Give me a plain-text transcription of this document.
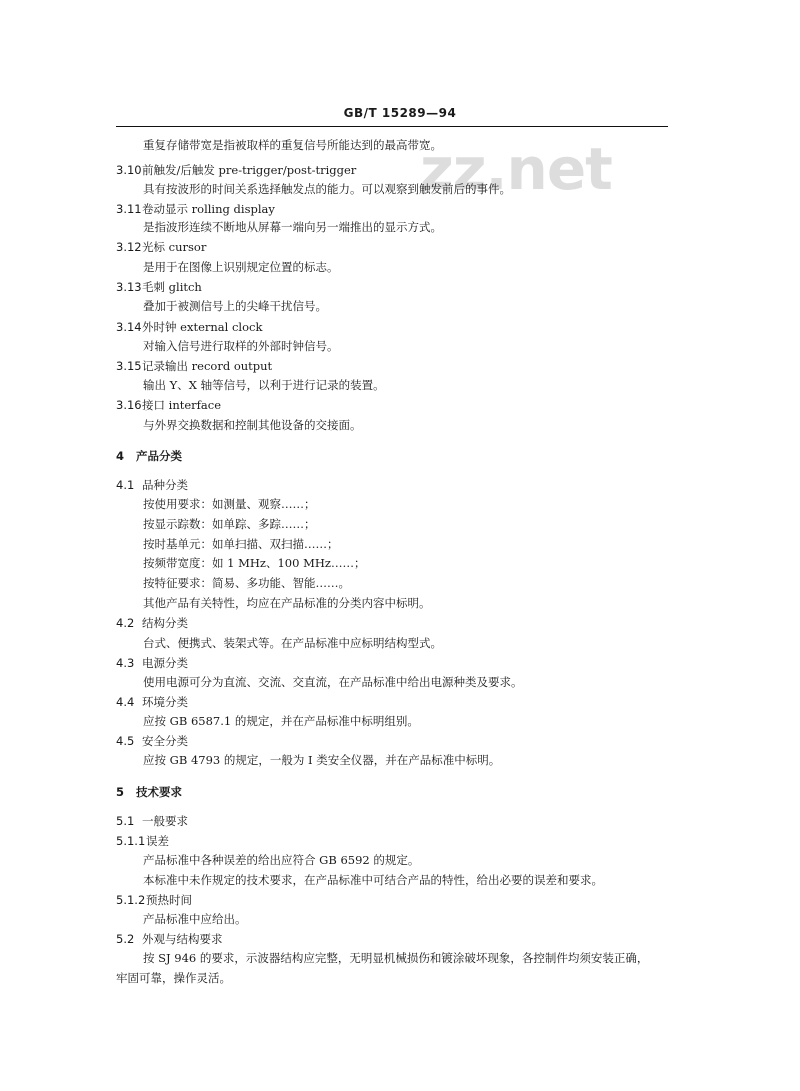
GB/T 15289—94
zz.net
重复存储带宽是指被取样的重复信号所能达到的最高带宽。
3.10前触发/后触发 pre-trigger/post-trigger
具有按波形的时间关系选择触发点的能力。可以观察到触发前后的事件。
3.11卷动显示 rolling display
是指波形连续不断地从屏幕一端向另一端推出的显示方式。
3.12光标 cursor
是用于在图像上识别规定位置的标志。
3.13毛刺 glitch
叠加于被测信号上的尖峰干扰信号。
3.14外时钟 external clock
对输入信号进行取样的外部时钟信号。
3.15记录输出 record output
输出 Y、X 轴等信号，以利于进行记录的装置。
3.16接口 interface
与外界交换数据和控制其他设备的交接面。
4 产品分类
4.1 品种分类
按使用要求：如测量、观察……；
按显示踪数：如单踪、多踪……；
按时基单元：如单扫描、双扫描……；
按频带宽度：如 1 MHz、100 MHz……；
按特征要求：简易、多功能、智能……。
其他产品有关特性，均应在产品标准的分类内容中标明。
4.2 结构分类
台式、便携式、装架式等。在产品标准中应标明结构型式。
4.3 电源分类
使用电源可分为直流、交流、交直流，在产品标准中给出电源种类及要求。
4.4 环境分类
应按 GB 6587.1 的规定，并在产品标准中标明组别。
4.5 安全分类
应按 GB 4793 的规定，一般为 I 类安全仪器，并在产品标准中标明。
5 技术要求
5.1 一般要求
5.1.1误差
产品标准中各种误差的给出应符合 GB 6592 的规定。
本标准中未作规定的技术要求，在产品标准中可结合产品的特性，给出必要的误差和要求。
5.1.2预热时间
产品标准中应给出。
5.2 外观与结构要求
按 SJ 946 的要求，示波器结构应完整，无明显机械损伤和镀涂破坏现象，各控制件均须安装正确，
牢固可靠，操作灵活。
